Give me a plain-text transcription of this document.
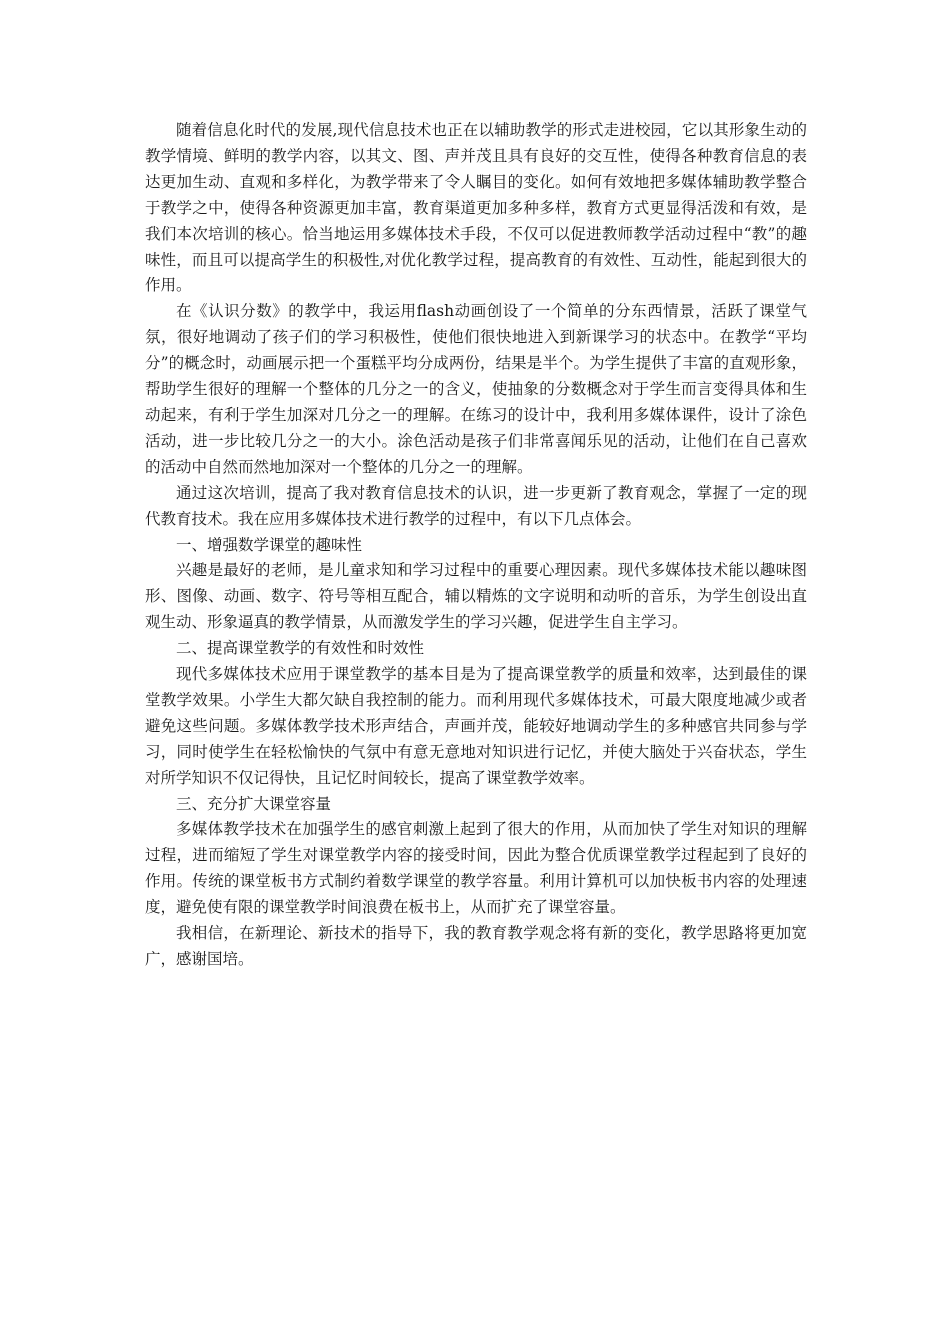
随着信息化时代的发展,现代信息技术也正在以辅助教学的形式走进校园，它以其形象生动的教学情境、鲜明的教学内容，以其文、图、声并茂且具有良好的交互性，使得各种教育信息的表达更加生动、直观和多样化，为教学带来了令人瞩目的变化。如何有效地把多媒体辅助教学整合于教学之中，使得各种资源更加丰富，教育渠道更加多种多样，教育方式更显得活泼和有效，是我们本次培训的核心。恰当地运用多媒体技术手段，不仅可以促进教师教学活动过程中“教”的趣味性，而且可以提高学生的积极性,对优化教学过程，提高教育的有效性、互动性，能起到很大的作用。

在《认识分数》的教学中，我运用flash动画创设了一个简单的分东西情景，活跃了课堂气氛，很好地调动了孩子们的学习积极性，使他们很快地进入到新课学习的状态中。在教学“平均分”的概念时，动画展示把一个蛋糕平均分成两份，结果是半个。为学生提供了丰富的直观形象，帮助学生很好的理解一个整体的几分之一的含义，使抽象的分数概念对于学生而言变得具体和生动起来，有利于学生加深对几分之一的理解。在练习的设计中，我利用多媒体课件，设计了涂色活动，进一步比较几分之一的大小。涂色活动是孩子们非常喜闻乐见的活动，让他们在自己喜欢的活动中自然而然地加深对一个整体的几分之一的理解。

通过这次培训，提高了我对教育信息技术的认识，进一步更新了教育观念，掌握了一定的现代教育技术。我在应用多媒体技术进行教学的过程中，有以下几点体会。

一、增强数学课堂的趣味性

兴趣是最好的老师，是儿童求知和学习过程中的重要心理因素。现代多媒体技术能以趣味图形、图像、动画、数字、符号等相互配合，辅以精炼的文字说明和动听的音乐，为学生创设出直观生动、形象逼真的教学情景，从而激发学生的学习兴趣，促进学生自主学习。

二、提高课堂教学的有效性和时效性

现代多媒体技术应用于课堂教学的基本目是为了提高课堂教学的质量和效率，达到最佳的课堂教学效果。小学生大都欠缺自我控制的能力。而利用现代多媒体技术，可最大限度地减少或者避免这些问题。多媒体教学技术形声结合，声画并茂，能较好地调动学生的多种感官共同参与学习，同时使学生在轻松愉快的气氛中有意无意地对知识进行记忆，并使大脑处于兴奋状态，学生对所学知识不仅记得快，且记忆时间较长，提高了课堂教学效率。

三、充分扩大课堂容量

多媒体教学技术在加强学生的感官刺激上起到了很大的作用，从而加快了学生对知识的理解过程，进而缩短了学生对课堂教学内容的接受时间，因此为整合优质课堂教学过程起到了良好的作用。传统的课堂板书方式制约着数学课堂的教学容量。利用计算机可以加快板书内容的处理速度，避免使有限的课堂教学时间浪费在板书上，从而扩充了课堂容量。

我相信，在新理论、新技术的指导下，我的教育教学观念将有新的变化，教学思路将更加宽广，感谢国培。
